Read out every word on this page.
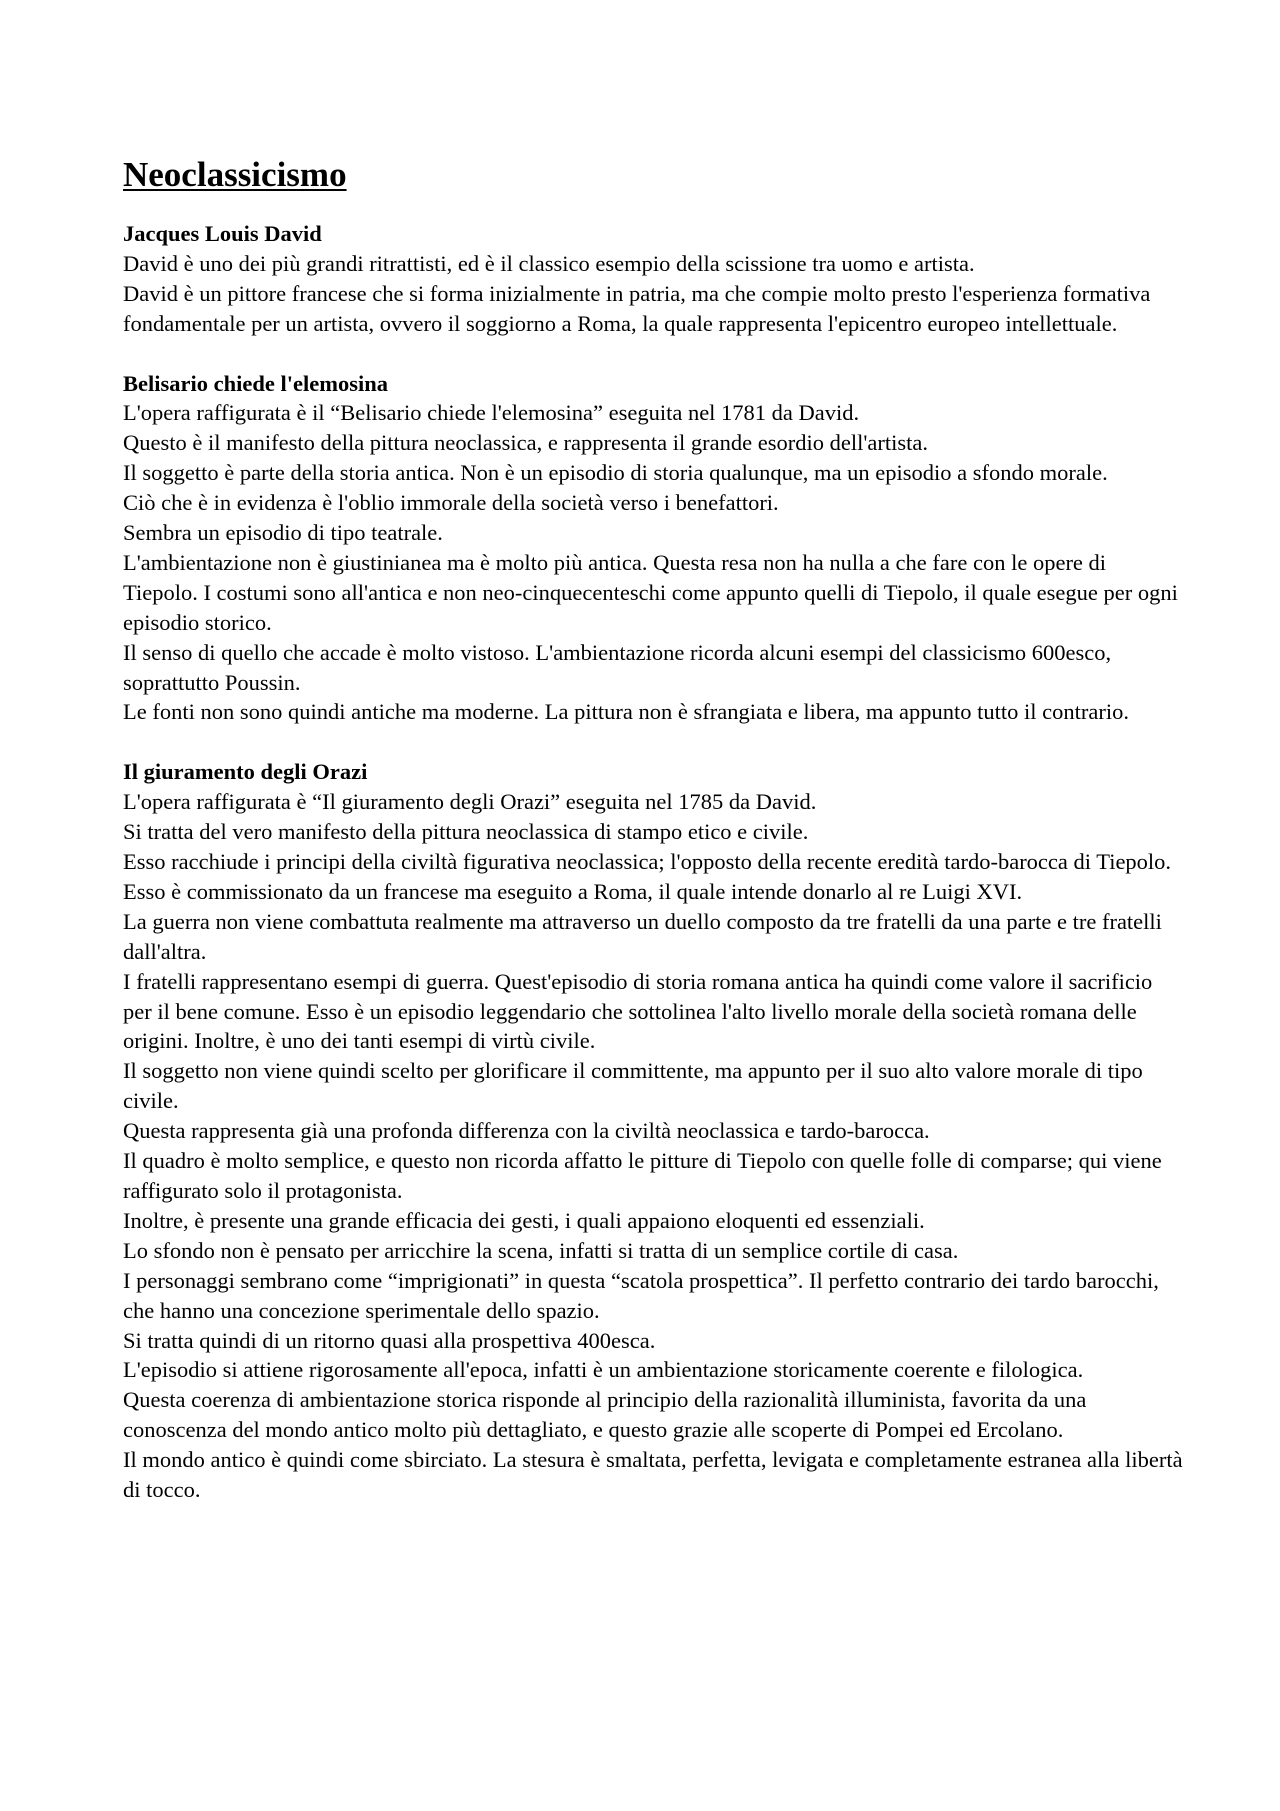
Neoclassicismo
Jacques Louis David

David è uno dei più grandi ritrattisti, ed è il classico esempio della scissione tra uomo e artista.

David è un pittore francese che si forma inizialmente in patria, ma che compie molto presto l'esperienza formativa fondamentale per un artista, ovvero il soggiorno a Roma, la quale rappresenta l'epicentro europeo intellettuale.

Belisario chiede l'elemosina

L'opera raffigurata è il “Belisario chiede l'elemosina” eseguita nel 1781 da David.

Questo è il manifesto della pittura neoclassica, e rappresenta il grande esordio dell'artista.

Il soggetto è parte della storia antica. Non è un episodio di storia qualunque, ma un episodio a sfondo morale.

Ciò che è in evidenza è l'oblio immorale della società verso i benefattori.

Sembra un episodio di tipo teatrale.

L'ambientazione non è giustinianea ma è molto più antica. Questa resa non ha nulla a che fare con le opere di Tiepolo. I costumi sono all'antica e non neo-cinquecenteschi come appunto quelli di Tiepolo, il quale esegue per ogni episodio storico.

Il senso di quello che accade è molto vistoso. L'ambientazione ricorda alcuni esempi del classicismo 600esco, soprattutto Poussin.

Le fonti non sono quindi antiche ma moderne. La pittura non è sfrangiata e libera, ma appunto tutto il contrario.

Il giuramento degli Orazi

L'opera raffigurata è “Il giuramento degli Orazi” eseguita nel 1785 da David.

Si tratta del vero manifesto della pittura neoclassica di stampo etico e civile.

Esso racchiude i principi della civiltà figurativa neoclassica; l'opposto della recente eredità tardo-barocca di Tiepolo.

Esso è commissionato da un francese ma eseguito a Roma, il quale intende donarlo al re Luigi XVI.

La guerra non viene combattuta realmente ma attraverso un duello composto da tre fratelli da una parte e tre fratelli dall'altra.

I fratelli rappresentano esempi di guerra. Quest'episodio di storia romana antica ha quindi come valore il sacrificio per il bene comune. Esso è un episodio leggendario che sottolinea l'alto livello morale della società romana delle origini. Inoltre, è uno dei tanti esempi di virtù civile.

Il soggetto non viene quindi scelto per glorificare il committente, ma appunto per il suo alto valore morale di tipo civile.

Questa rappresenta già una profonda differenza con la civiltà neoclassica e tardo-barocca.

Il quadro è molto semplice, e questo non ricorda affatto le pitture di Tiepolo con quelle folle di comparse; qui viene raffigurato solo il protagonista.

Inoltre, è presente una grande efficacia dei gesti, i quali appaiono eloquenti ed essenziali.

Lo sfondo non è pensato per arricchire la scena, infatti si tratta di un semplice cortile di casa.

I personaggi sembrano come “imprigionati” in questa “scatola prospettica”. Il perfetto contrario dei tardo barocchi, che hanno una concezione sperimentale dello spazio.

Si tratta quindi di un ritorno quasi alla prospettiva 400esca.

L'episodio si attiene rigorosamente all'epoca, infatti è un ambientazione storicamente coerente e filologica.

Questa coerenza di ambientazione storica risponde al principio della razionalità illuminista, favorita da una conoscenza del mondo antico molto più dettagliato, e questo grazie alle scoperte di Pompei ed Ercolano.

Il mondo antico è quindi come sbirciato. La stesura è smaltata, perfetta, levigata e completamente estranea alla libertà di tocco.
